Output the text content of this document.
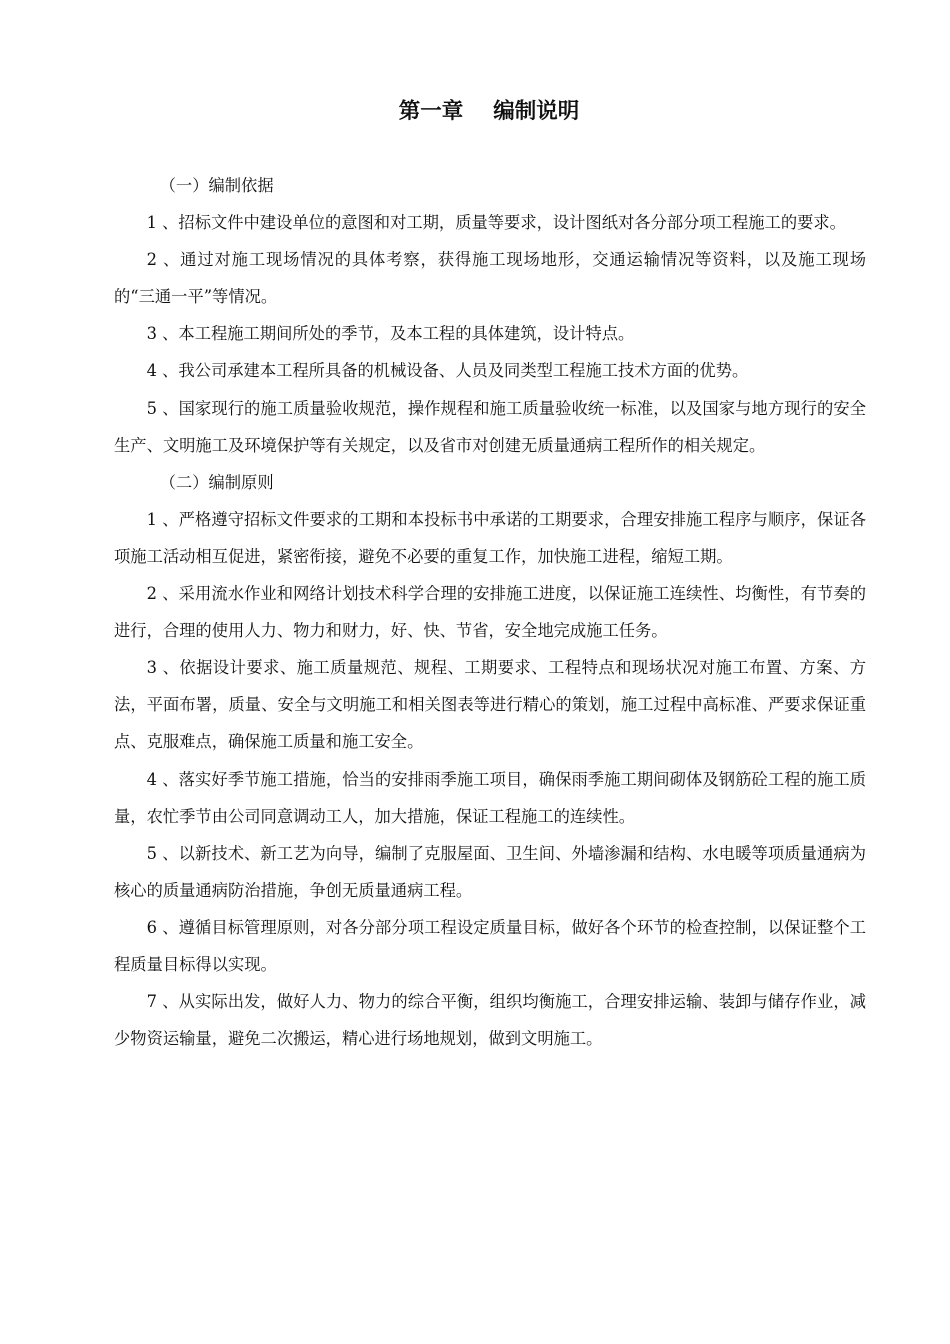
第一章    编制说明

（一）编制依据

1 、招标文件中建设单位的意图和对工期，质量等要求，设计图纸对各分部分项工程施工的要求。

2 、通过对施工现场情况的具体考察，获得施工现场地形，交通运输情况等资料，以及施工现场的“三通一平”等情况。

3 、本工程施工期间所处的季节，及本工程的具体建筑，设计特点。

4 、我公司承建本工程所具备的机械设备、人员及同类型工程施工技术方面的优势。

5 、国家现行的施工质量验收规范，操作规程和施工质量验收统一标准，以及国家与地方现行的安全生产、文明施工及环境保护等有关规定，以及省市对创建无质量通病工程所作的相关规定。

（二）编制原则

1 、严格遵守招标文件要求的工期和本投标书中承诺的工期要求，合理安排施工程序与顺序，保证各项施工活动相互促进，紧密衔接，避免不必要的重复工作，加快施工进程，缩短工期。

2 、采用流水作业和网络计划技术科学合理的安排施工进度，以保证施工连续性、均衡性，有节奏的进行，合理的使用人力、物力和财力，好、快、节省，安全地完成施工任务。

3 、依据设计要求、施工质量规范、规程、工期要求、工程特点和现场状况对施工布置、方案、方法，平面布署，质量、安全与文明施工和相关图表等进行精心的策划，施工过程中高标准、严要求保证重点、克服难点，确保施工质量和施工安全。

4 、落实好季节施工措施，恰当的安排雨季施工项目，确保雨季施工期间砌体及钢筋砼工程的施工质量，农忙季节由公司同意调动工人，加大措施，保证工程施工的连续性。

5 、以新技术、新工艺为向导，编制了克服屋面、卫生间、外墙渗漏和结构、水电暖等项质量通病为核心的质量通病防治措施，争创无质量通病工程。

6 、遵循目标管理原则，对各分部分项工程设定质量目标，做好各个环节的检查控制，以保证整个工程质量目标得以实现。

7 、从实际出发，做好人力、物力的综合平衡，组织均衡施工，合理安排运输、装卸与储存作业，减少物资运输量，避免二次搬运，精心进行场地规划，做到文明施工。
